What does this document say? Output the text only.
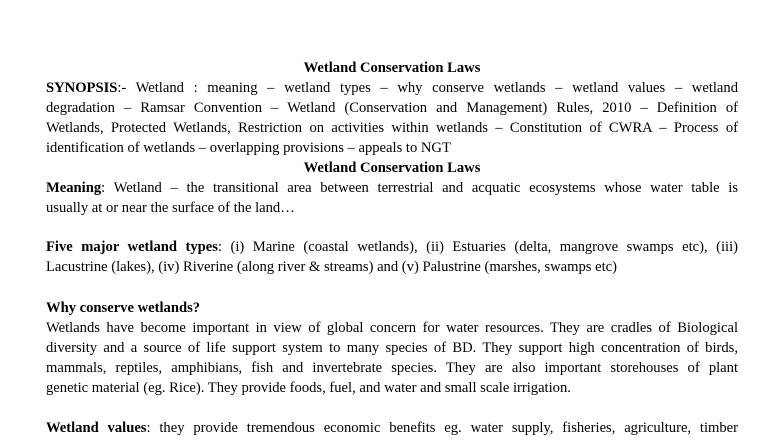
Wetland Conservation Laws
SYNOPSIS:- Wetland : meaning – wetland types – why conserve wetlands – wetland values – wetland
degradation – Ramsar Convention – Wetland (Conservation and Management) Rules, 2010 – Definition of
Wetlands, Protected Wetlands, Restriction on activities within wetlands – Constitution of CWRA – Process of
identification of wetlands – overlapping provisions – appeals to NGT
Wetland Conservation Laws
Meaning: Wetland – the transitional area between terrestrial and acquatic ecosystems whose water table is
usually at or near the surface of the land…
Five major wetland types: (i) Marine (coastal wetlands), (ii) Estuaries (delta, mangrove swamps etc), (iii)
Lacustrine (lakes), (iv) Riverine (along river & streams) and (v) Palustrine (marshes, swamps etc)
Why conserve wetlands?
Wetlands have become important in view of global concern for water resources. They are cradles of Biological
diversity and a source of life support system to many species of BD. They support high concentration of birds,
mammals, reptiles, amphibians, fish and invertebrate species. They are also important storehouses of plant
genetic material (eg. Rice). They provide foods, fuel, and water and small scale irrigation.
Wetland values: they provide tremendous economic benefits eg. water supply, fisheries, agriculture, timber
